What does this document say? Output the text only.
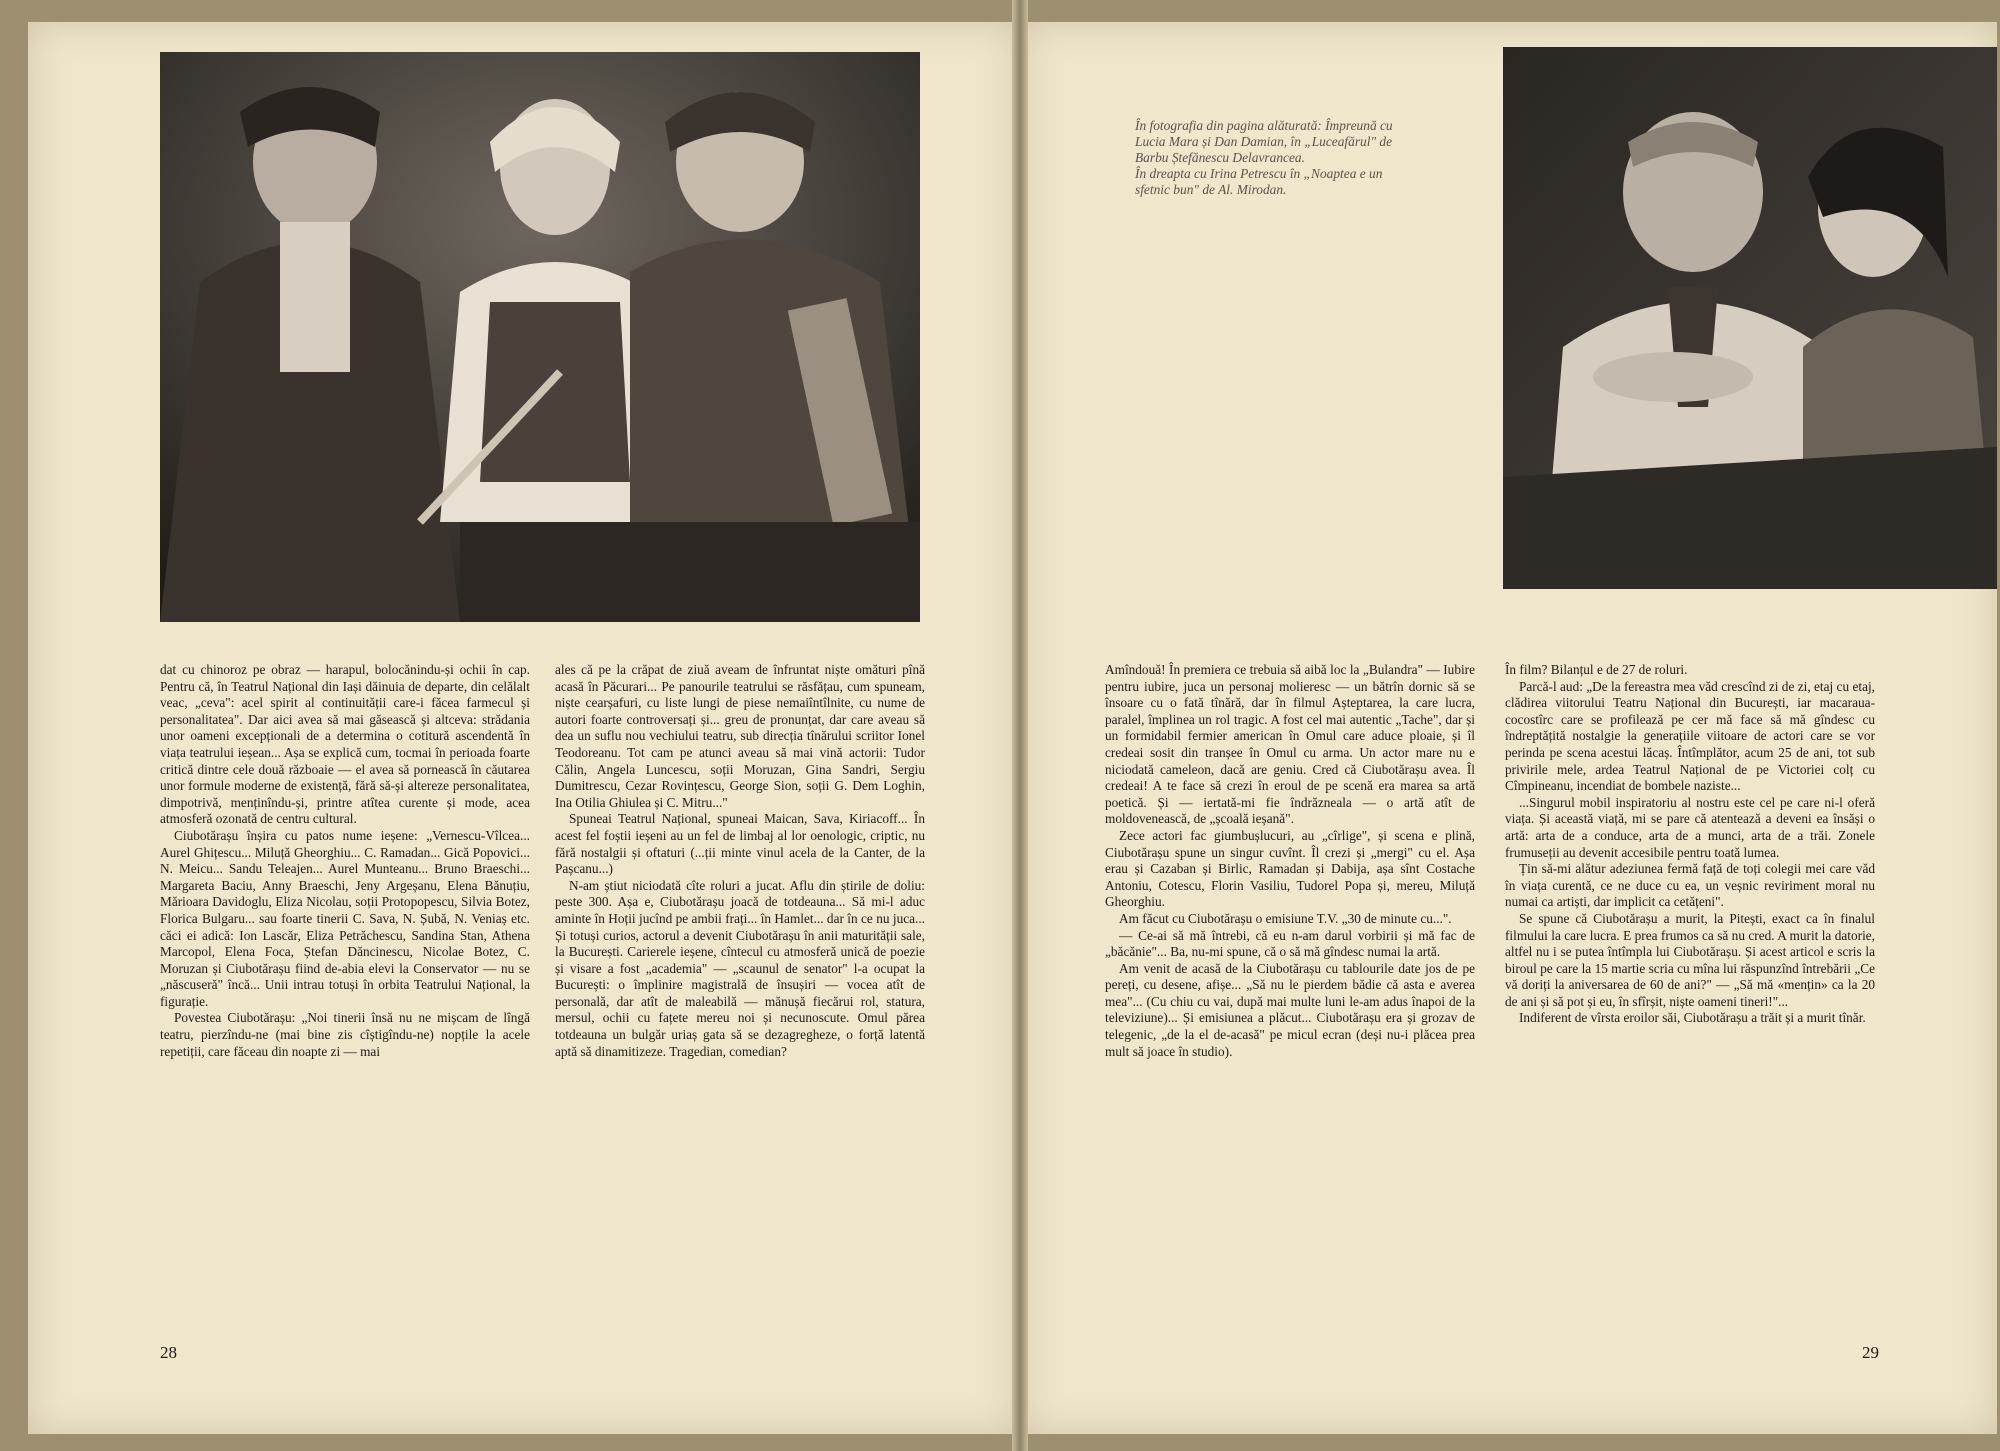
În fotografia din pagina alăturată: Împreună cu Lucia Mara și Dan Damian, în „Luceafărul" de Barbu Ștefănescu Delavrancea.

În dreapta cu Irina Petrescu în „Noaptea e un sfetnic bun" de Al. Mirodan.

dat cu chinoroz pe obraz — harapul, bolocănindu-și ochii în cap. Pentru că, în Teatrul Național din Iași dăinuia de departe, din celălalt veac, „ceva": acel spirit al continuității care-i făcea farmecul și personalitatea". Dar aici avea să mai găsească și altceva: strădania unor oameni excepționali de a determina o cotitură ascendentă în viața teatrului ieșean... Așa se explică cum, tocmai în perioada foarte critică dintre cele două războaie — el avea să pornească în căutarea unor formule moderne de existență, fără să-și altereze personalitatea, dimpotrivă, menținîndu-și, printre atîtea curente și mode, acea atmosferă ozonată de centru cultural.

Ciubotărașu înșira cu patos nume ieșene: „Vernescu-Vîlcea... Aurel Ghițescu... Miluță Gheorghiu... C. Ramadan... Gică Popovici... N. Meicu... Sandu Teleajen... Aurel Munteanu... Bruno Braeschi... Margareta Baciu, Anny Braeschi, Jeny Argeșanu, Elena Bănuțiu, Mărioara Davidoglu, Eliza Nicolau, soții Protopopescu, Silvia Botez, Florica Bulgaru... sau foarte tinerii C. Sava, N. Șubă, N. Veniaș etc. căci ei adică: Ion Lascăr, Eliza Petrăchescu, Sandina Stan, Athena Marcopol, Elena Foca, Ștefan Dăncinescu, Nicolae Botez, C. Moruzan și Ciubotărașu fiind de-abia elevi la Conservator — nu se „născuseră" încă... Unii intrau totuși în orbita Teatrului Național, la figurație.

Povestea Ciubotărașu: „Noi tinerii însă nu ne mișcam de lîngă teatru, pierzîndu-ne (mai bine zis cîștigîndu-ne) nopțile la acele repetiții, care făceau din noapte zi — mai

ales că pe la crăpat de ziuă aveam de înfruntat niște omături pînă acasă în Păcurari... Pe panourile teatrului se răsfățau, cum spuneam, niște cearșafuri, cu liste lungi de piese nemaiîntîlnite, cu nume de autori foarte controversați și... greu de pronunțat, dar care aveau să dea un suflu nou vechiului teatru, sub direcția tînărului scriitor Ionel Teodoreanu. Tot cam pe atunci aveau să mai vină actorii: Tudor Călin, Angela Luncescu, soții Moruzan, Gina Sandri, Sergiu Dumitrescu, Cezar Rovințescu, George Sion, soții G. Dem Loghin, Ina Otilia Ghiulea și C. Mitru..."

Spuneai Teatrul Național, spuneai Maican, Sava, Kiriacoff... În acest fel foștii ieșeni au un fel de limbaj al lor oenologic, criptic, nu fără nostalgii și oftaturi (...ții minte vinul acela de la Canter, de la Pașcanu...)

N-am știut niciodată cîte roluri a jucat. Aflu din știrile de doliu: peste 300. Așa e, Ciubotărașu joacă de totdeauna... Să mi-l aduc aminte în Hoții jucînd pe ambii frați... în Hamlet... dar în ce nu juca... Și totuși curios, actorul a devenit Ciubotărașu în anii maturității sale, la București. Carierele ieșene, cîntecul cu atmosferă unică de poezie și visare a fost „academia" — „scaunul de senator" l-a ocupat la București: o împlinire magistrală de însușiri — vocea atît de personală, dar atît de maleabilă — mănușă fiecărui rol, statura, mersul, ochii cu fațete mereu noi și necunoscute. Omul părea totdeauna un bulgăr uriaș gata să se dezagregheze, o forță latentă aptă să dinamitizeze. Tragedian, comedian?

Amîndouă! În premiera ce trebuia să aibă loc la „Bulandra" — Iubire pentru iubire, juca un personaj molieresc — un bătrîn dornic să se însoare cu o fată tînără, dar în filmul Așteptarea, la care lucra, paralel, împlinea un rol tragic. A fost cel mai autentic „Tache", dar și un formidabil fermier american în Omul care aduce ploaie, și îl credeai sosit din tranșee în Omul cu arma. Un actor mare nu e niciodată cameleon, dacă are geniu. Cred că Ciubotărașu avea. Îl credeai! A te face să crezi în eroul de pe scenă era marea sa artă poetică. Și — iertată-mi fie îndrăzneala — o artă atît de moldovenească, de „școală ieșană".

Zece actori fac giumbușlucuri, au „cîrlige", și scena e plină, Ciubotărașu spune un singur cuvînt. Îl crezi și „mergi" cu el. Așa erau și Cazaban și Birlic, Ramadan și Dabija, așa sînt Costache Antoniu, Cotescu, Florin Vasiliu, Tudorel Popa și, mereu, Miluță Gheorghiu.

Am făcut cu Ciubotărașu o emisiune T.V. „30 de minute cu...".

— Ce-ai să mă întrebi, că eu n-am darul vorbirii și mă fac de „băcănie"... Ba, nu-mi spune, că o să mă gîndesc numai la artă.

Am venit de acasă de la Ciubotărașu cu tablourile date jos de pe pereți, cu desene, afișe... „Să nu le pierdem bădie că asta e averea mea"... (Cu chiu cu vai, după mai multe luni le-am adus înapoi de la televiziune)... Și emisiunea a plăcut... Ciubotărașu era și grozav de telegenic, „de la el de-acasă" pe micul ecran (deși nu-i plăcea prea mult să joace în studio).

În film? Bilanțul e de 27 de roluri.

Parcă-l aud: „De la fereastra mea văd crescînd zi de zi, etaj cu etaj, clădirea viitorului Teatru Național din București, iar macaraua-cocostîrc care se profilează pe cer mă face să mă gîndesc cu îndreptățită nostalgie la generațiile viitoare de actori care se vor perinda pe scena acestui lăcaș. Întîmplător, acum 25 de ani, tot sub privirile mele, ardea Teatrul Național de pe Victoriei colț cu Cîmpineanu, incendiat de bombele naziste...

...Singurul mobil inspiratoriu al nostru este cel pe care ni-l oferă viața. Și această viață, mi se pare că atentează a deveni ea însăși o artă: arta de a conduce, arta de a munci, arta de a trăi. Zonele frumuseții au devenit accesibile pentru toată lumea.

Țin să-mi alătur adeziunea fermă față de toți colegii mei care văd în viața curentă, ce ne duce cu ea, un veșnic reviriment moral nu numai ca artiști, dar implicit ca cetățeni".

Se spune că Ciubotărașu a murit, la Pitești, exact ca în finalul filmului la care lucra. E prea frumos ca să nu cred. A murit la datorie, altfel nu i se putea întîmpla lui Ciubotărașu. Și acest articol e scris la biroul pe care la 15 martie scria cu mîna lui răspunzînd întrebării „Ce vă doriți la aniversarea de 60 de ani?" — „Să mă «mențin» ca la 20 de ani și să pot și eu, în sfîrșit, niște oameni tineri!"...

Indiferent de vîrsta eroilor săi, Ciubotărașu a trăit și a murit tînăr.

28	29
